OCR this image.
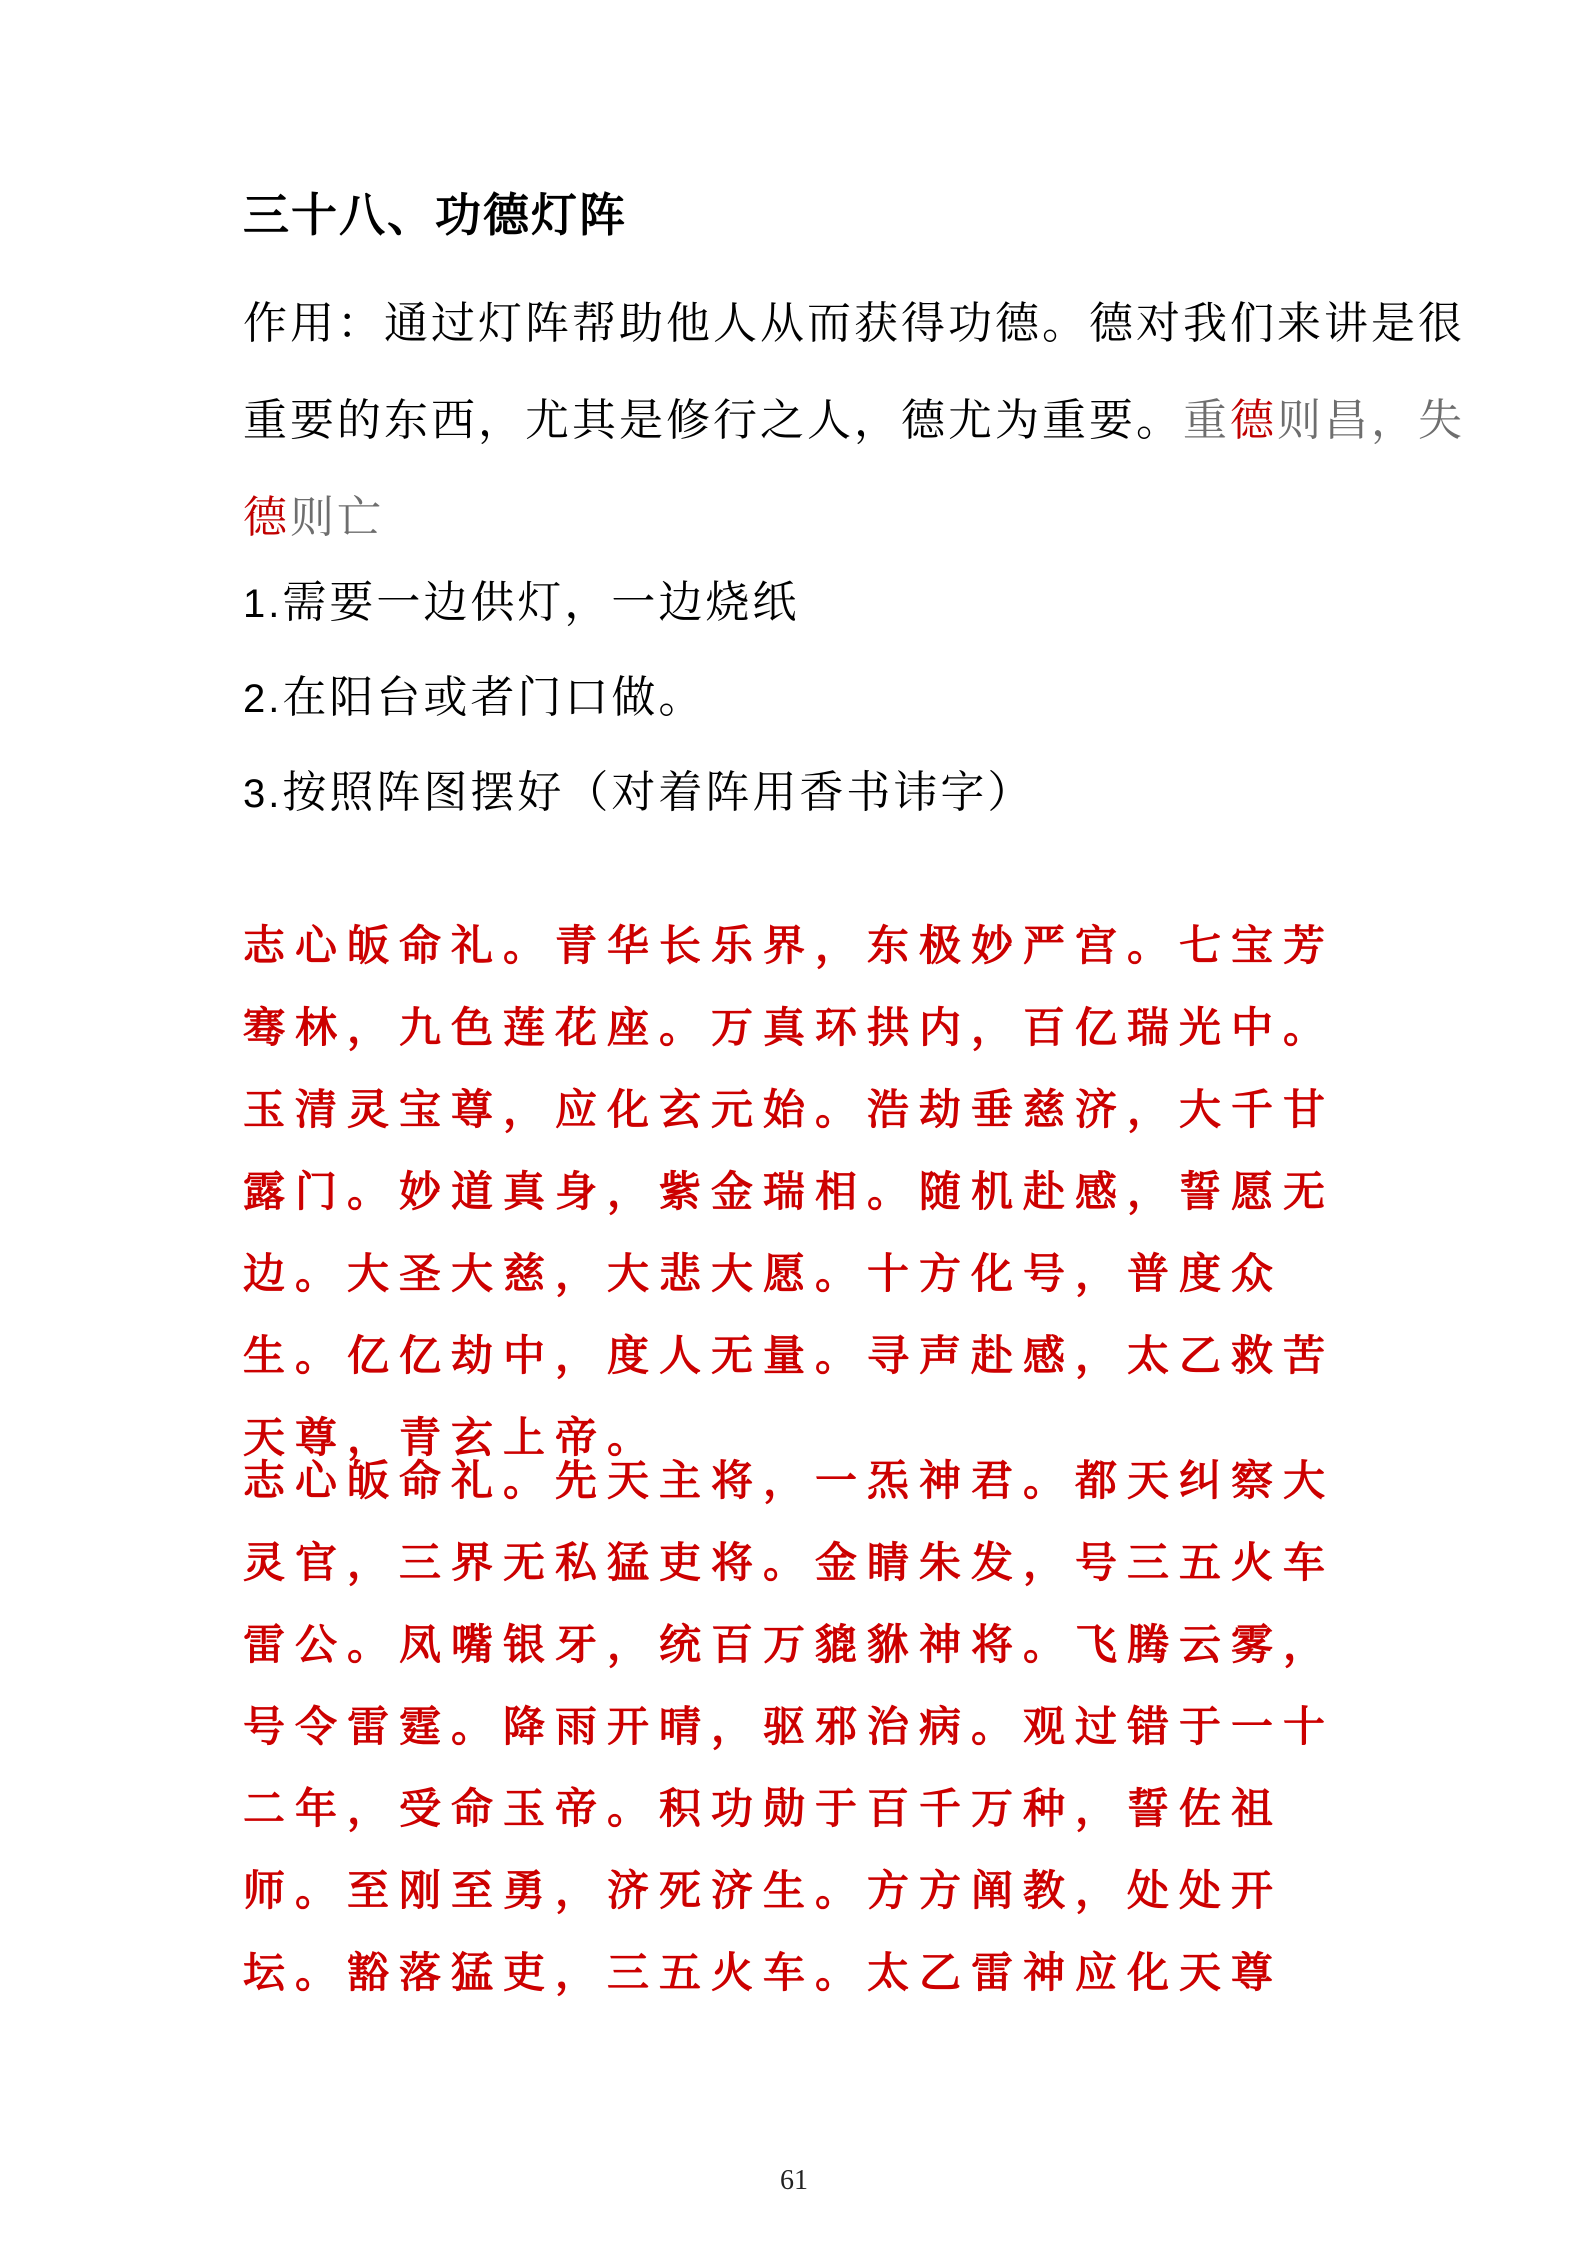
三十八、功德灯阵

作用：通过灯阵帮助他人从而获得功德。德对我们来讲是很重要的东西，尤其是修行之人，德尤为重要。重德则昌，失
德则亡

1.需要一边供灯，一边烧纸
2.在阳台或者门口做。
3.按照阵图摆好（对着阵用香书讳字）

志心皈命礼。青华长乐界，东极妙严宫。七宝芳骞林，九色莲花座。万真环拱内，百亿瑞光中。玉清灵宝尊，应化玄元始。浩劫垂慈济，大千甘露门。妙道真身，紫金瑞相。随机赴感，誓愿无边。大圣大慈，大悲大愿。十方化号，普度众生。亿亿劫中，度人无量。寻声赴感，太乙救苦天尊，青玄上帝。

志心皈命礼。先天主将，一炁神君。都天纠察大灵官，三界无私猛吏将。金睛朱发，号三五火车雷公。凤嘴银牙，统百万貔貅神将。飞腾云雾，号令雷霆。降雨开晴，驱邪治病。观过错于一十二年，受命玉帝。积功勋于百千万种，誓佐祖师。至刚至勇，济死济生。方方阐教，处处开坛。豁落猛吏，三五火车。太乙雷神应化天尊

61
